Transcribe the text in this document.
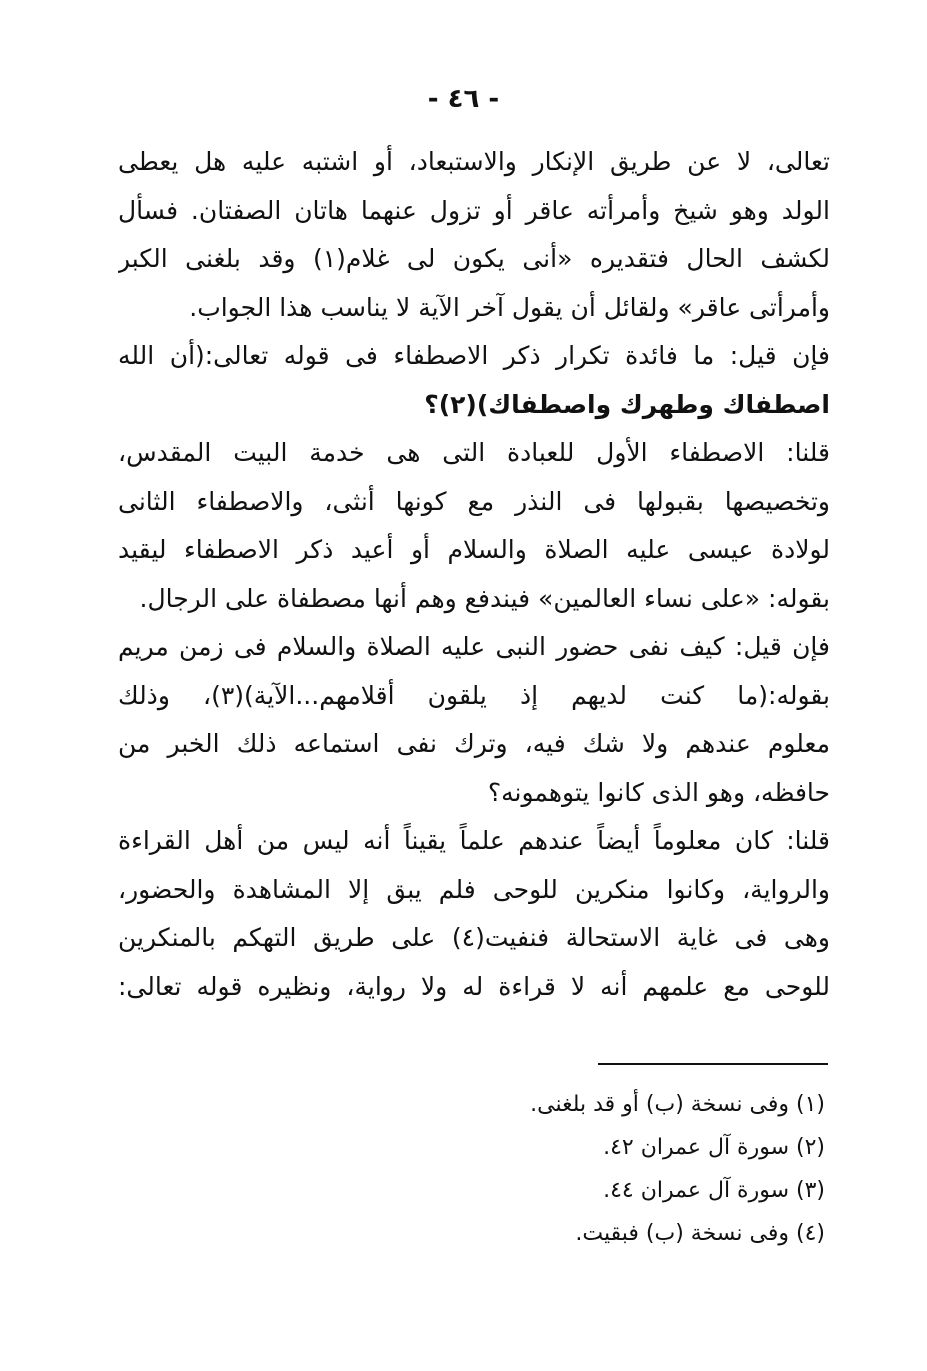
- ٤٦ -
تعالى، لا عن طريق الإنكار والاستبعاد، أو اشتبه عليه هل يعطى
الولد وهو شيخ وأمرأته عاقر أو تزول عنهما هاتان الصفتان. فسأل
لكشف الحال فتقديره «أنى يكون لى غلام(١) وقد بلغنى الكبر
وأمرأتى عاقر» ولقائل أن يقول آخر الآية لا يناسب هذا الجواب.
فإن قيل: ما فائدة تكرار ذكر الاصطفاء فى قوله تعالى:(أن الله
اصطفاك وطهرك واصطفاك)(٢)؟
قلنا: الاصطفاء الأول للعبادة التى هى خدمة البيت المقدس،
وتخصيصها بقبولها فى النذر مع كونها أنثى، والاصطفاء الثانى
لولادة عيسى عليه الصلاة والسلام أو أعيد ذكر الاصطفاء ليقيد
بقوله: «على نساء العالمين» فيندفع وهم أنها مصطفاة على الرجال.
فإن قيل: كيف نفى حضور النبى عليه الصلاة والسلام فى زمن مريم
بقوله:(ما كنت لديهم إذ يلقون أقلامهم...الآية)(٣)، وذلك
معلوم عندهم ولا شك فيه، وترك نفى استماعه ذلك الخبر من
حافظه، وهو الذى كانوا يتوهمونه؟
قلنا: كان معلوماً أيضاً عندهم علماً يقيناً أنه ليس من أهل القراءة
والرواية، وكانوا منكرين للوحى فلم يبق إلا المشاهدة والحضور،
وهى فى غاية الاستحالة فنفيت(٤) على طريق التهكم بالمنكرين
للوحى مع علمهم أنه لا قراءة له ولا رواية، ونظيره قوله تعالى:
(١) وفى نسخة (ب) أو قد بلغنى.
(٢) سورة آل عمران ٤٢.
(٣) سورة آل عمران ٤٤.
(٤) وفى نسخة (ب) فبقيت.
